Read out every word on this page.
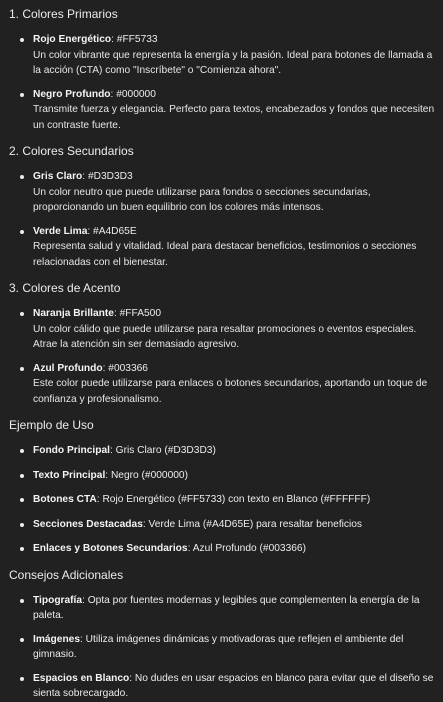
1. Colores Primarios
Rojo Energético: #FF5733
Un color vibrante que representa la energía y la pasión. Ideal para botones de llamada a la acción (CTA) como "Inscríbete" o "Comienza ahora".
Negro Profundo: #000000
Transmite fuerza y elegancia. Perfecto para textos, encabezados y fondos que necesiten un contraste fuerte.
2. Colores Secundarios
Gris Claro: #D3D3D3
Un color neutro que puede utilizarse para fondos o secciones secundarias, proporcionando un buen equilibrio con los colores más intensos.
Verde Lima: #A4D65E
Representa salud y vitalidad. Ideal para destacar beneficios, testimonios o secciones relacionadas con el bienestar.
3. Colores de Acento
Naranja Brillante: #FFA500
Un color cálido que puede utilizarse para resaltar promociones o eventos especiales. Atrae la atención sin ser demasiado agresivo.
Azul Profundo: #003366
Este color puede utilizarse para enlaces o botones secundarios, aportando un toque de confianza y profesionalismo.
Ejemplo de Uso
Fondo Principal: Gris Claro (#D3D3D3)
Texto Principal: Negro (#000000)
Botones CTA: Rojo Energético (#FF5733) con texto en Blanco (#FFFFFF)
Secciones Destacadas: Verde Lima (#A4D65E) para resaltar beneficios
Enlaces y Botones Secundarios: Azul Profundo (#003366)
Consejos Adicionales
Tipografía: Opta por fuentes modernas y legibles que complementen la energía de la paleta.
Imágenes: Utiliza imágenes dinámicas y motivadoras que reflejen el ambiente del gimnasio.
Espacios en Blanco: No dudes en usar espacios en blanco para evitar que el diseño se sienta sobrecargado.
